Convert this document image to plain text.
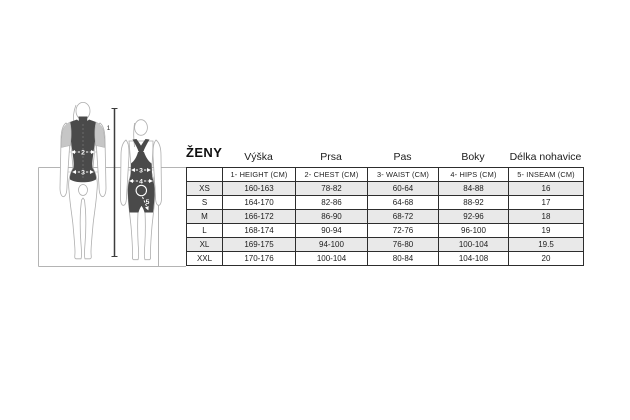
2
3
1
3
4
5
ŽENY	Výška	Prsa	Pas	Boky	Délka nohavice
	1- HEIGHT (CM)	2- CHEST (CM)	3- WAIST (CM)	4- HIPS (CM)	5- INSEAM (CM)
XS	160-163	78-82	60-64	84-88	16
S	164-170	82-86	64-68	88-92	17
M	166-172	86-90	68-72	92-96	18
L	168-174	90-94	72-76	96-100	19
XL	169-175	94-100	76-80	100-104	19.5
XXL	170-176	100-104	80-84	104-108	20
